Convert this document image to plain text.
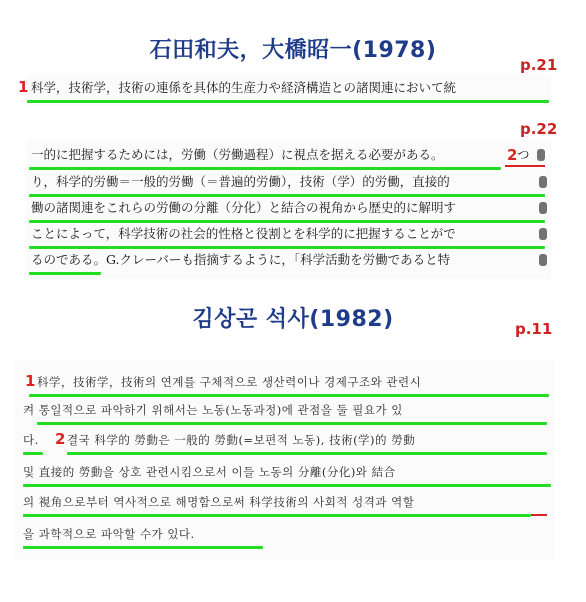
石田和夫，大橋昭一(1978)
김상곤 석사(1982)
p.21
p.22
p.11
1 科学，技術学，技術の連係を具体的生産力や経済構造との諸関連において統
一的に把握するためには，労働（労働過程）に視点を据える必要がある。	2 つ
り，科学的労働＝一般的労働（＝普遍的労働），技術（学）的労働，直接的
働の諸関連をこれらの労働の分離（分化）と結合の視角から歴史的に解明す
ことによって，科学技術の社会的性格と役割とを科学的に把握することがで
るのである。G.クレーバーも指摘するように，「科学活動を労働であると特
1 科学，技術学，技術의 연계를 구체적으로 생산력이나 경제구조와 관련시
켜 통일적으로 파악하기 위해서는 노동(노동과정)에 관점을 둘 필요가 있
다. 2 결국 科学的 勞動은 一般的 勞動(=보편적 노동), 技術(学)的 勞動
및 直接的 勞動을 상호 관련시킴으로서 이들 노동의 分離(分化)와 結合
의 視角으로부터 역사적으로 해명함으로써 科学技術의 사회적 성격과 역할
을 과학적으로 파악할 수가 있다.
